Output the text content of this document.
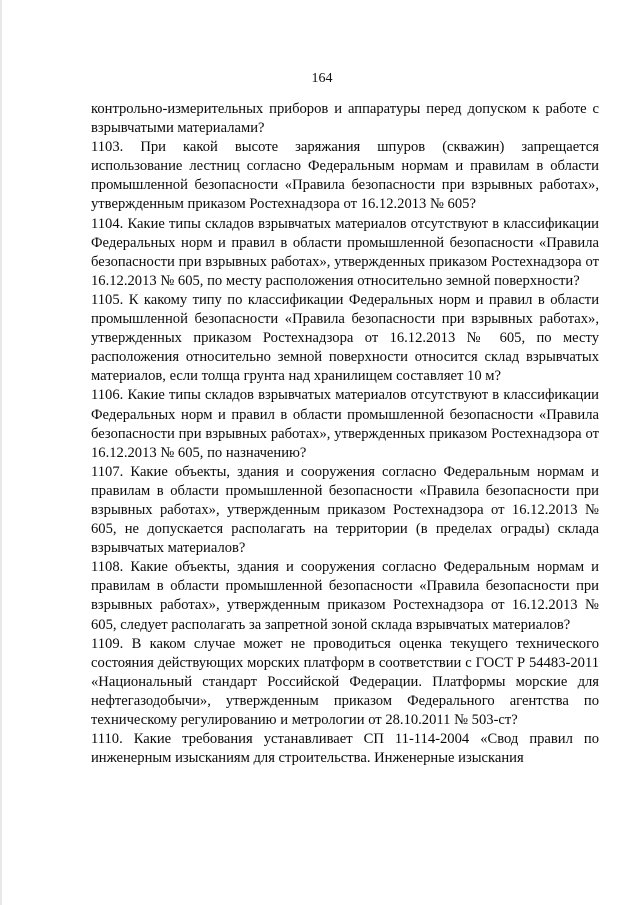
164

контрольно-измерительных приборов и аппаратуры перед допуском к работе с взрывчатыми материалами?

1103. При какой высоте заряжания шпуров (скважин) запрещается использование лестниц согласно Федеральным нормам и правилам в области промышленной безопасности «Правила безопасности при взрывных работах», утвержденным приказом Ростехнадзора от 16.12.2013 № 605?

1104. Какие типы складов взрывчатых материалов отсутствуют в классификации Федеральных норм и правил в области промышленной безопасности «Правила безопасности при взрывных работах», утвержденных приказом Ростехнадзора от 16.12.2013 № 605, по месту расположения относительно земной поверхности?

1105. К какому типу по классификации Федеральных норм и правил в области промышленной безопасности «Правила безопасности при взрывных работах», утвержденных приказом Ростехнадзора от 16.12.2013 № 605, по месту расположения относительно земной поверхности относится склад взрывчатых материалов, если толща грунта над хранилищем составляет 10 м?

1106. Какие типы складов взрывчатых материалов отсутствуют в классификации Федеральных норм и правил в области промышленной безопасности «Правила безопасности при взрывных работах», утвержденных приказом Ростехнадзора от 16.12.2013 № 605, по назначению?

1107. Какие объекты, здания и сооружения согласно Федеральным нормам и правилам в области промышленной безопасности «Правила безопасности при взрывных работах», утвержденным приказом Ростехнадзора от 16.12.2013 № 605, не допускается располагать на территории (в пределах ограды) склада взрывчатых материалов?

1108. Какие объекты, здания и сооружения согласно Федеральным нормам и правилам в области промышленной безопасности «Правила безопасности при взрывных работах», утвержденным приказом Ростехнадзора от 16.12.2013 № 605, следует располагать за запретной зоной склада взрывчатых материалов?

1109. В каком случае может не проводиться оценка текущего технического состояния действующих морских платформ в соответствии с ГОСТ Р 54483-2011 «Национальный стандарт Российской Федерации. Платформы морские для нефтегазодобычи», утвержденным приказом Федерального агентства по техническому регулированию и метрологии от 28.10.2011 № 503-ст?

1110. Какие требования устанавливает СП 11-114-2004 «Свод правил по инженерным изысканиям для строительства. Инженерные изыскания
